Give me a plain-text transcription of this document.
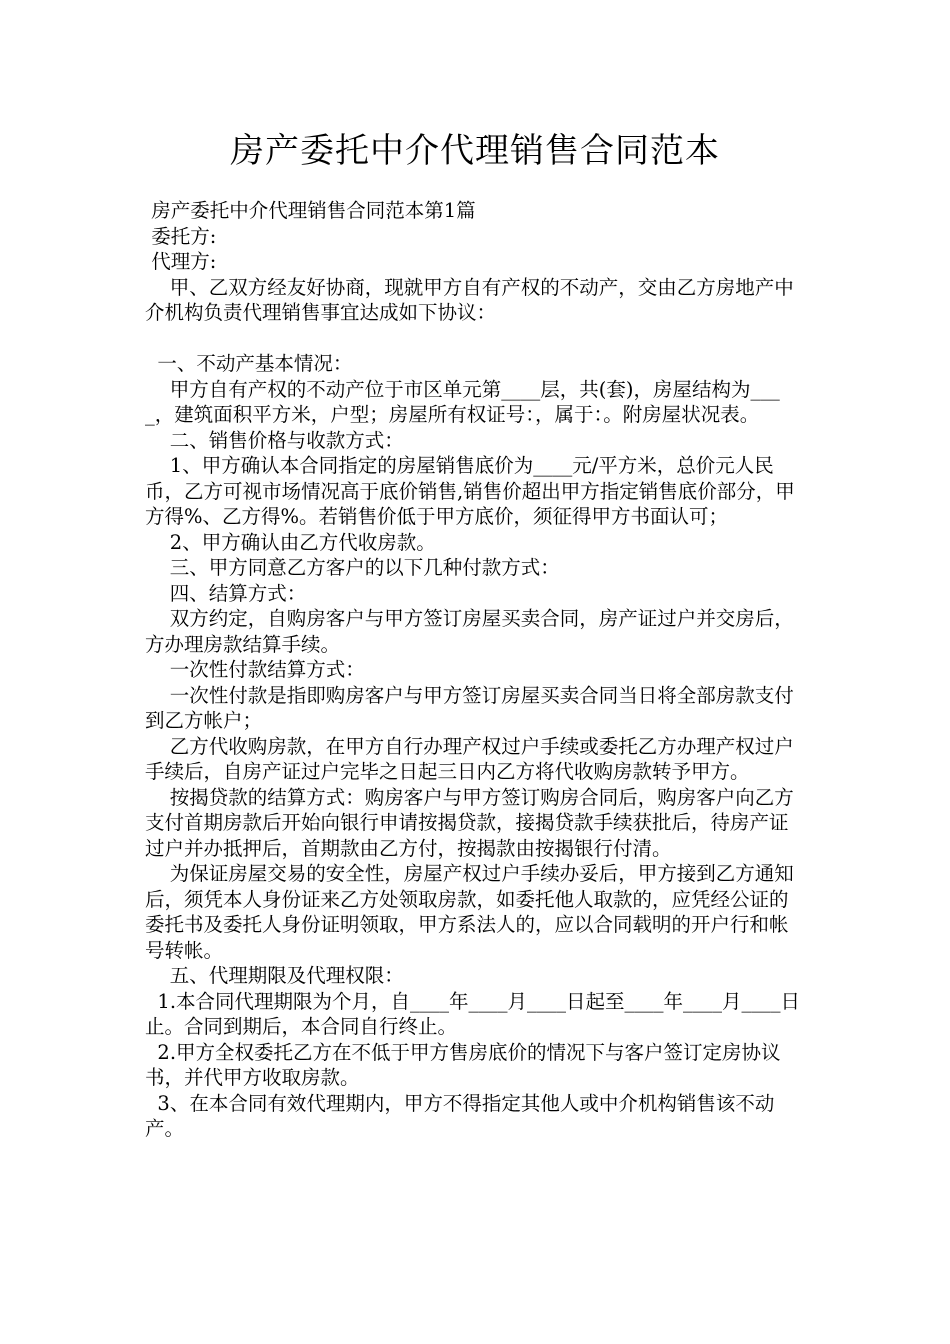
房产委托中介代理销售合同范本

房产委托中介代理销售合同范本第1篇

委托方:

代理方:

甲、乙双方经友好协商，现就甲方自有产权的不动产，交由乙方房地产中介机构负责代理销售事宜达成如下协议：

一、不动产基本情况：

甲方自有产权的不动产位于市区单元第____层，共(套)，房屋结构为____，建筑面积平方米，户型；房屋所有权证号：，属于：。附房屋状况表。

二、销售价格与收款方式：

1、甲方确认本合同指定的房屋销售底价为____元/平方米，总价元人民币，乙方可视市场情况高于底价销售,销售价超出甲方指定销售底价部分，甲方得%、乙方得%。若销售价低于甲方底价，须征得甲方书面认可；

2、甲方确认由乙方代收房款。

三、甲方同意乙方客户的以下几种付款方式：

四、结算方式：

双方约定，自购房客户与甲方签订房屋买卖合同，房产证过户并交房后，方办理房款结算手续。

一次性付款结算方式：

一次性付款是指即购房客户与甲方签订房屋买卖合同当日将全部房款支付到乙方帐户；

乙方代收购房款，在甲方自行办理产权过户手续或委托乙方办理产权过户手续后，自房产证过户完毕之日起三日内乙方将代收购房款转予甲方。

按揭贷款的结算方式：购房客户与甲方签订购房合同后，购房客户向乙方支付首期房款后开始向银行申请按揭贷款，接揭贷款手续获批后，待房产证过户并办抵押后，首期款由乙方付，按揭款由按揭银行付清。

为保证房屋交易的安全性，房屋产权过户手续办妥后，甲方接到乙方通知后，须凭本人身份证来乙方处领取房款，如委托他人取款的，应凭经公证的委托书及委托人身份证明领取，甲方系法人的，应以合同载明的开户行和帐号转帐。

五、代理期限及代理权限：

1.本合同代理期限为个月，自____年____月____日起至____年____月____日止。合同到期后，本合同自行终止。

2.甲方全权委托乙方在不低于甲方售房底价的情况下与客户签订定房协议书，并代甲方收取房款。

3、在本合同有效代理期内，甲方不得指定其他人或中介机构销售该不动产。
